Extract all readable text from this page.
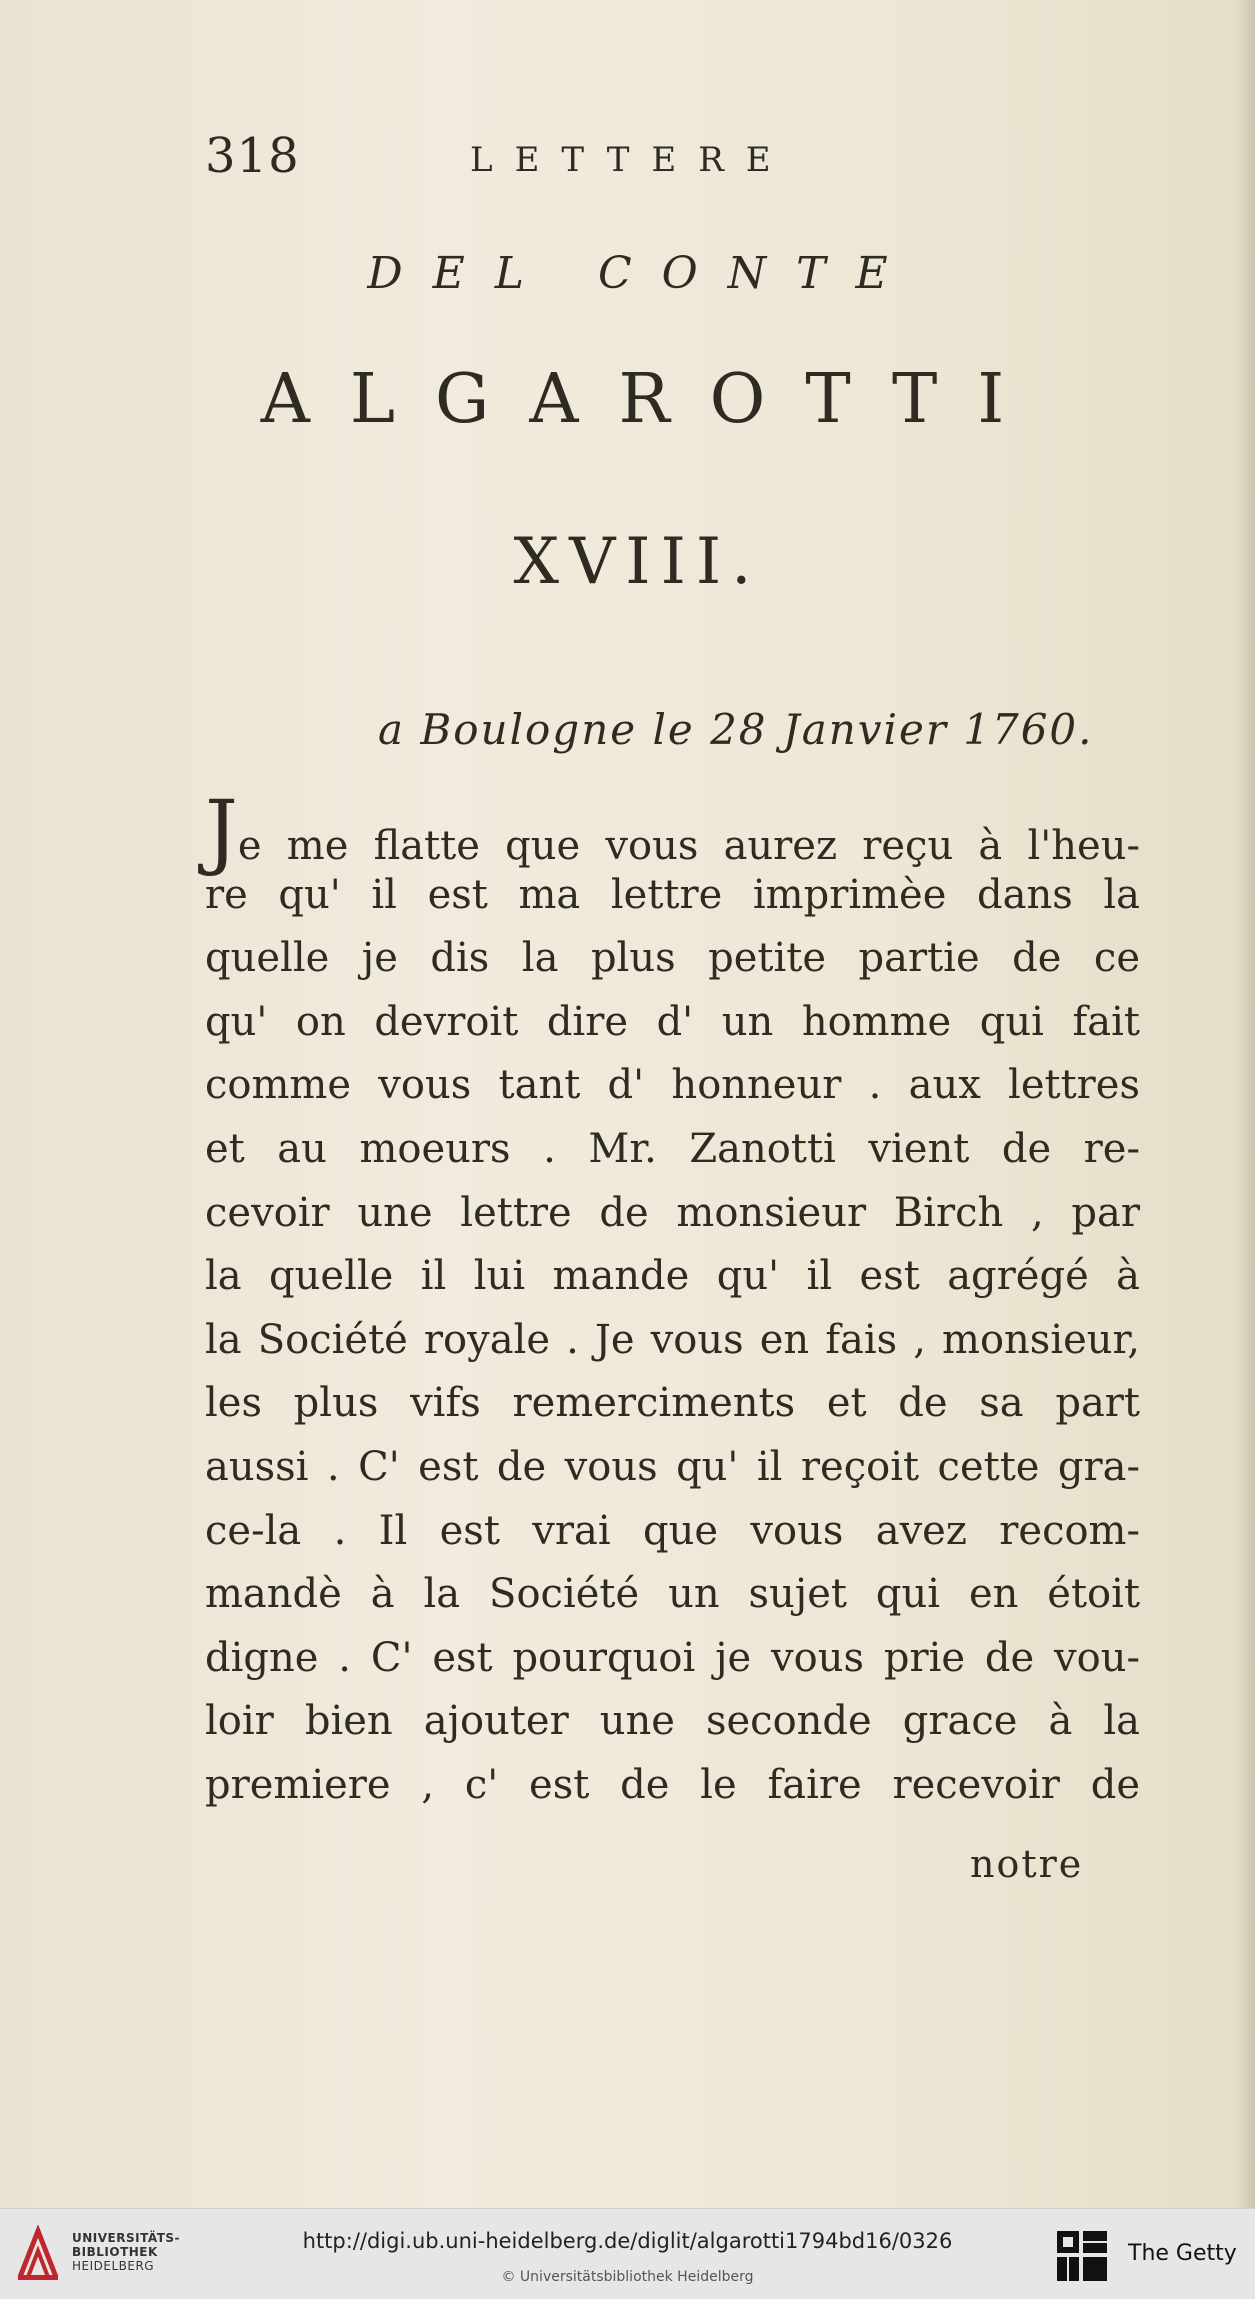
318	LETTERE
DEL CONTE
ALGAROTTI
XVIII.
a Boulogne le 28 Janvier 1760.
Je me flatte que vous aurez reçu à l'heu-
re qu' il est ma lettre imprimèe dans la
quelle je dis la plus petite partie de ce
qu' on devroit dire d' un homme qui fait
comme vous tant d' honneur . aux lettres
et au moeurs . Mr. Zanotti vient de re-
cevoir une lettre de monsieur Birch , par
la quelle il lui mande qu' il est agrégé à
la Société royale . Je vous en fais , monsieur,
les plus vifs remerciments et de sa part
aussi . C' est de vous qu' il reçoit cette gra-
ce-la . Il est vrai que vous avez recom-
mandè à la Société un sujet qui en étoit
digne . C' est pourquoi je vous prie de vou-
loir bien ajouter une seconde grace à la
premiere , c' est de le faire recevoir de
notre
UNIVERSITÄTS-
BIBLIOTHEK
HEIDELBERG
http://digi.ub.uni-heidelberg.de/diglit/algarotti1794bd16/0326
© Universitätsbibliothek Heidelberg
The Getty
